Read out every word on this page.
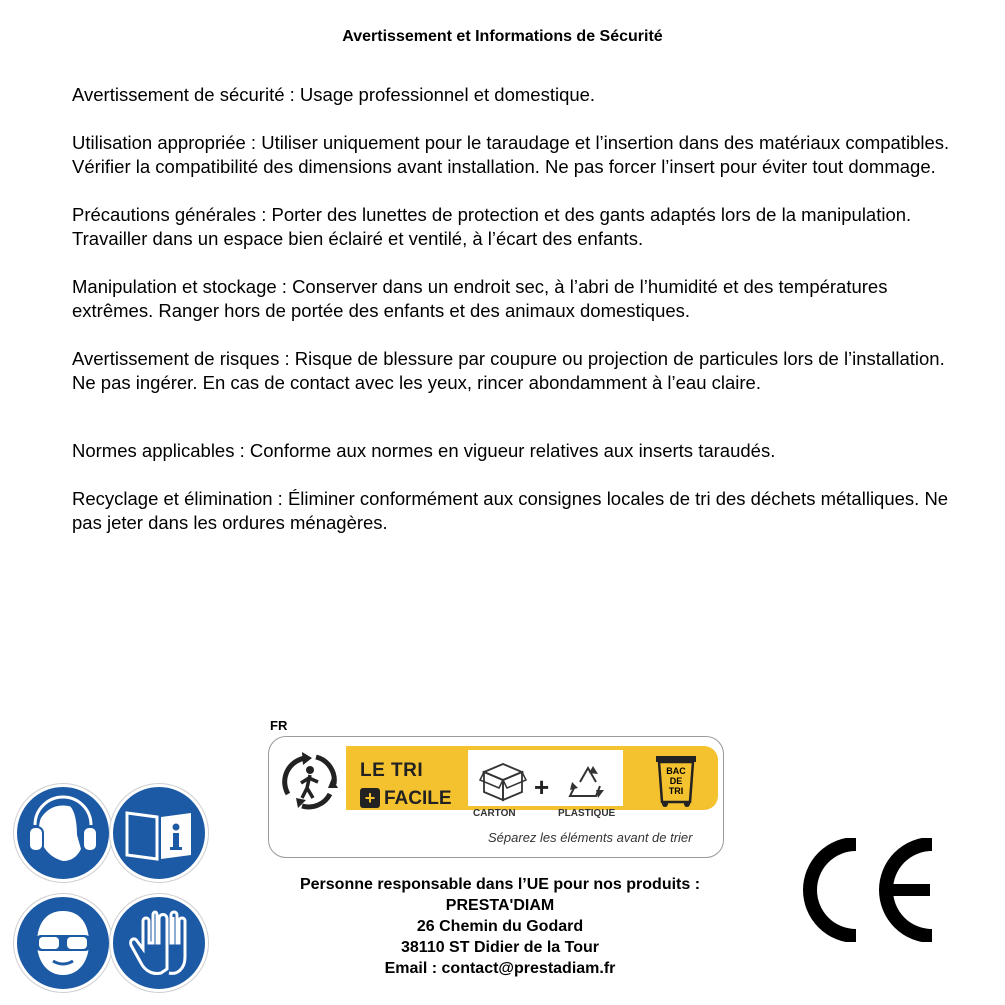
Avertissement et Informations de Sécurité

Avertissement de sécurité : Usage professionnel et domestique.

Utilisation appropriée : Utiliser uniquement pour le taraudage et l’insertion dans des matériaux compatibles. Vérifier la compatibilité des dimensions avant installation. Ne pas forcer l’insert pour éviter tout dommage.

Précautions générales : Porter des lunettes de protection et des gants adaptés lors de la manipulation. Travailler dans un espace bien éclairé et ventilé, à l’écart des enfants.

Manipulation et stockage : Conserver dans un endroit sec, à l’abri de l’humidité et des températures extrêmes. Ranger hors de portée des enfants et des animaux domestiques.

Avertissement de risques : Risque de blessure par coupure ou projection de particules lors de l’installation. Ne pas ingérer. En cas de contact avec les yeux, rincer abondamment à l’eau claire.

Normes applicables : Conforme aux normes en vigueur relatives aux inserts taraudés.

Recyclage et élimination : Éliminer conformément aux consignes locales de tri des déchets métalliques. Ne pas jeter dans les ordures ménagères.

FR
LE TRI
+ FACILE	+
CARTON	PLASTIQUE
BAC
DE
TRI
Séparez les éléments avant de trier
Personne responsable dans l’UE pour nos produits :
PRESTA'DIAM
26 Chemin du Godard
38110 ST Didier de la Tour
Email : contact@prestadiam.fr
